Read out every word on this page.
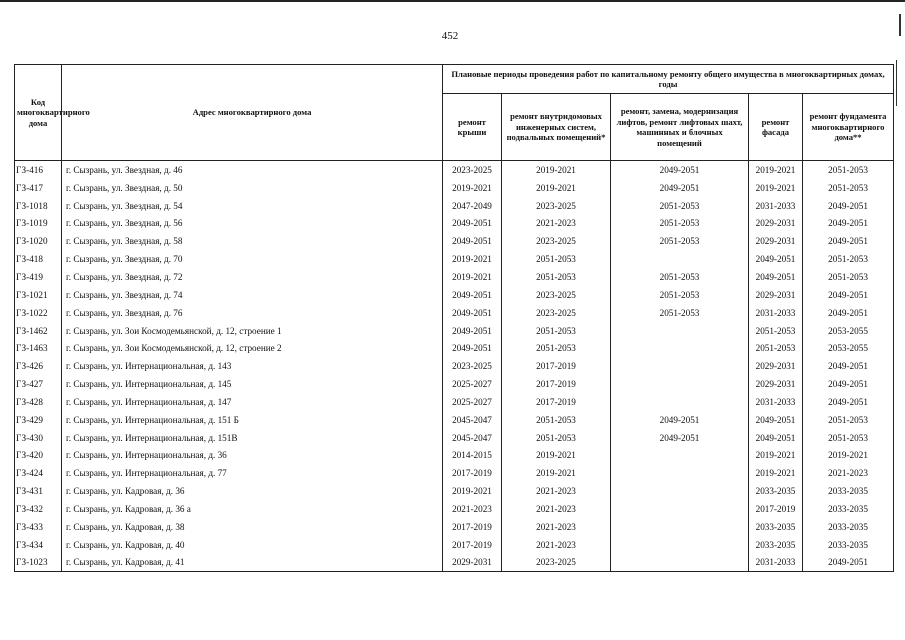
452
Код многоквартирного дома	Адрес многоквартирного дома	Плановые периоды проведения работ по капитальному ремонту общего имущества в многоквартирных домах, годы				
		ремонт крыши	ремонт внутридомовых инженерных систем, подвальных помещений*	ремонт, замена, модернизация лифтов, ремонт лифтовых шахт, машинных и блочных помещений	ремонт фасада	ремонт фундамента многоквартирного дома**
ГЗ-416	г. Сызрань, ул. Звездная, д. 46	2023-2025	2019-2021	2049-2051	2019-2021	2051-2053
ГЗ-417	г. Сызрань, ул. Звездная, д. 50	2019-2021	2019-2021	2049-2051	2019-2021	2051-2053
ГЗ-1018	г. Сызрань, ул. Звездная, д. 54	2047-2049	2023-2025	2051-2053	2031-2033	2049-2051
ГЗ-1019	г. Сызрань, ул. Звездная, д. 56	2049-2051	2021-2023	2051-2053	2029-2031	2049-2051
ГЗ-1020	г. Сызрань, ул. Звездная, д. 58	2049-2051	2023-2025	2051-2053	2029-2031	2049-2051
ГЗ-418	г. Сызрань, ул. Звездная, д. 70	2019-2021	2051-2053		2049-2051	2051-2053
ГЗ-419	г. Сызрань, ул. Звездная, д. 72	2019-2021	2051-2053	2051-2053	2049-2051	2051-2053
ГЗ-1021	г. Сызрань, ул. Звездная, д. 74	2049-2051	2023-2025	2051-2053	2029-2031	2049-2051
ГЗ-1022	г. Сызрань, ул. Звездная, д. 76	2049-2051	2023-2025	2051-2053	2031-2033	2049-2051
ГЗ-1462	г. Сызрань, ул. Зои Космодемьянской, д. 12, строение 1	2049-2051	2051-2053		2051-2053	2053-2055
ГЗ-1463	г. Сызрань, ул. Зои Космодемьянской, д. 12, строение 2	2049-2051	2051-2053		2051-2053	2053-2055
ГЗ-426	г. Сызрань, ул. Интернациональная, д. 143	2023-2025	2017-2019		2029-2031	2049-2051
ГЗ-427	г. Сызрань, ул. Интернациональная, д. 145	2025-2027	2017-2019		2029-2031	2049-2051
ГЗ-428	г. Сызрань, ул. Интернациональная, д. 147	2025-2027	2017-2019		2031-2033	2049-2051
ГЗ-429	г. Сызрань, ул. Интернациональная, д. 151 Б	2045-2047	2051-2053	2049-2051	2049-2051	2051-2053
ГЗ-430	г. Сызрань, ул. Интернациональная, д. 151В	2045-2047	2051-2053	2049-2051	2049-2051	2051-2053
ГЗ-420	г. Сызрань, ул. Интернациональная, д. 36	2014-2015	2019-2021		2019-2021	2019-2021
ГЗ-424	г. Сызрань, ул. Интернациональная, д. 77	2017-2019	2019-2021		2019-2021	2021-2023
ГЗ-431	г. Сызрань, ул. Кадровая, д. 36	2019-2021	2021-2023		2033-2035	2033-2035
ГЗ-432	г. Сызрань, ул. Кадровая, д. 36 а	2021-2023	2021-2023		2017-2019	2033-2035
ГЗ-433	г. Сызрань, ул. Кадровая, д. 38	2017-2019	2021-2023		2033-2035	2033-2035
ГЗ-434	г. Сызрань, ул. Кадровая, д. 40	2017-2019	2021-2023		2033-2035	2033-2035
ГЗ-1023	г. Сызрань, ул. Кадровая, д. 41	2029-2031	2023-2025		2031-2033	2049-2051
